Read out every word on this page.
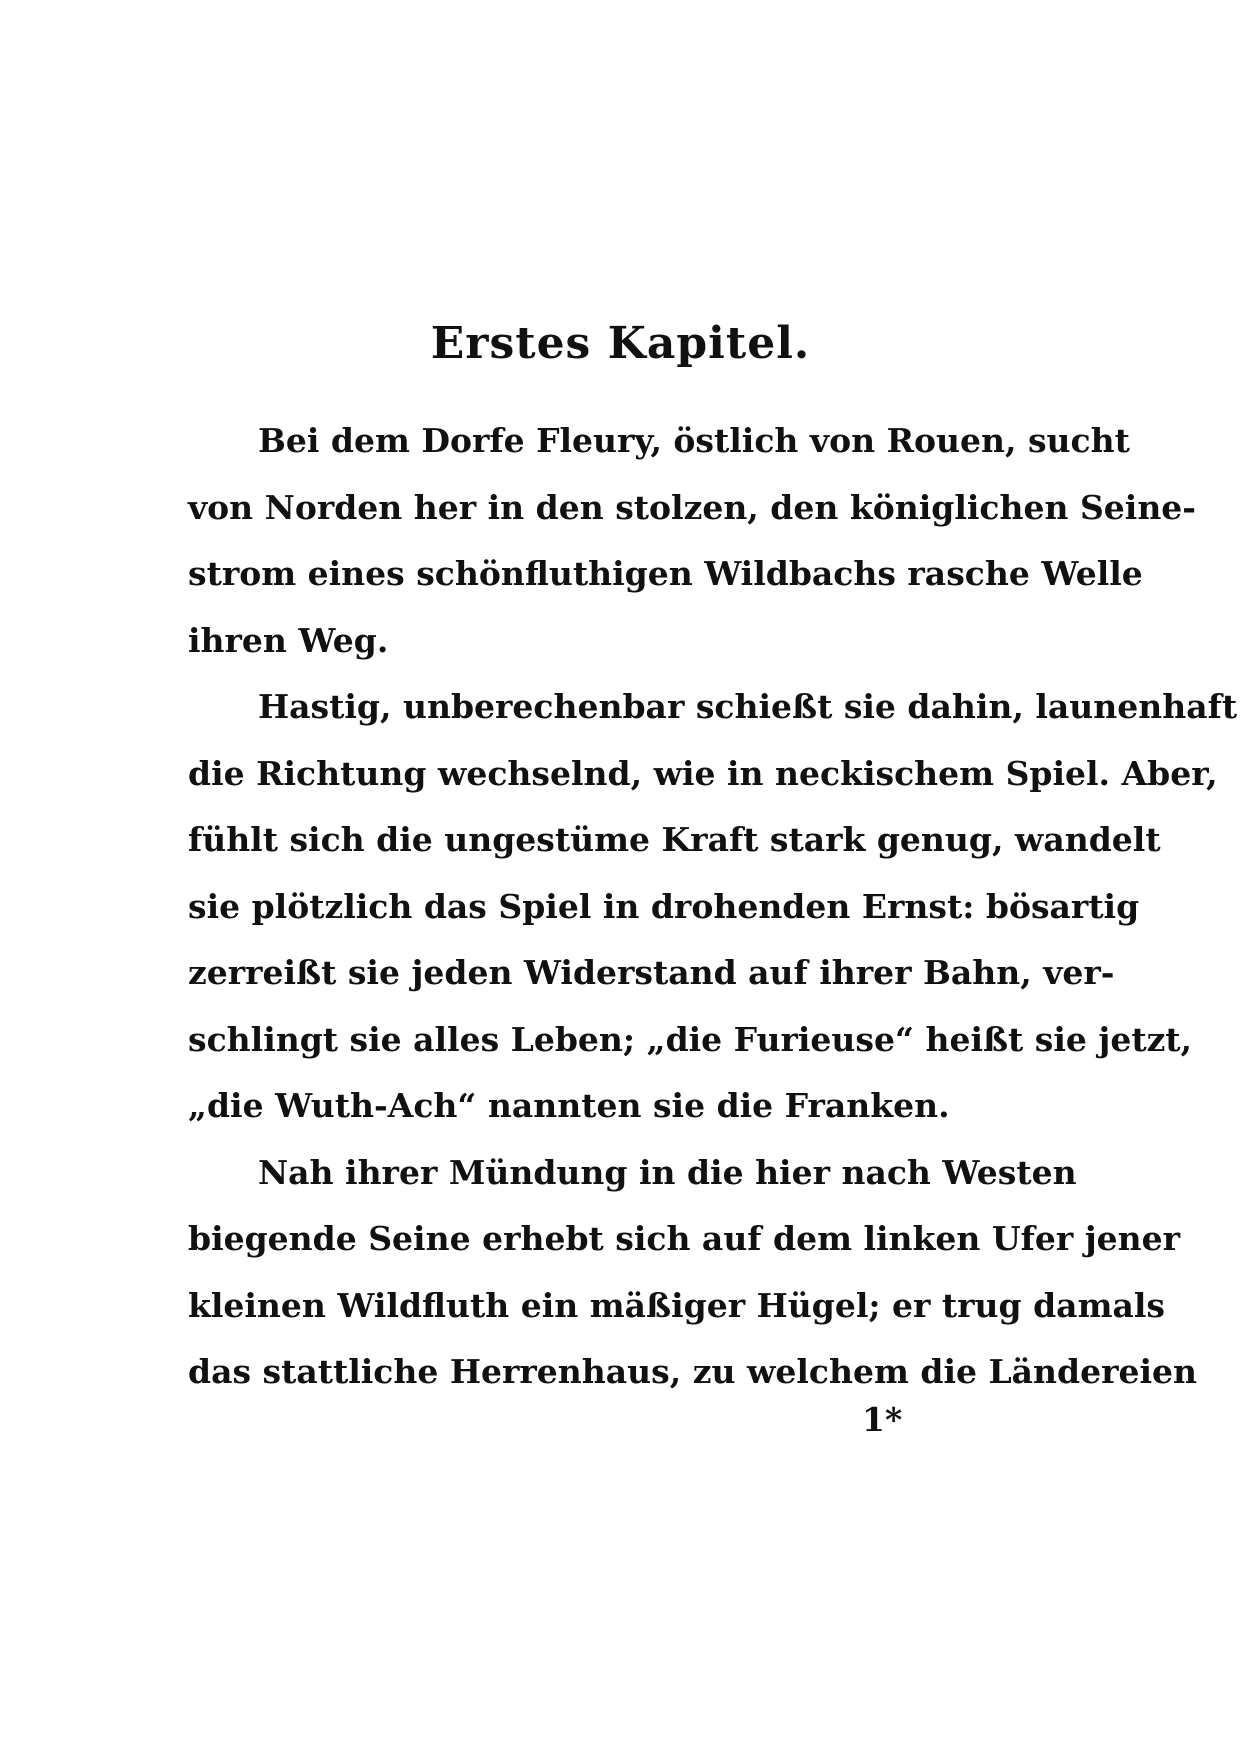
Erstes Kapitel.
Bei dem Dorfe Fleury, östlich von Rouen, sucht
von Norden her in den stolzen, den königlichen Seine-
strom eines schönfluthigen Wildbachs rasche Welle
ihren Weg.
Hastig, unberechenbar schießt sie dahin, launenhaft
die Richtung wechselnd, wie in neckischem Spiel. Aber,
fühlt sich die ungestüme Kraft stark genug, wandelt
sie plötzlich das Spiel in drohenden Ernst: bösartig
zerreißt sie jeden Widerstand auf ihrer Bahn, ver-
schlingt sie alles Leben; „die Furieuse“ heißt sie jetzt,
„die Wuth-Ach“ nannten sie die Franken.
Nah ihrer Mündung in die hier nach Westen
biegende Seine erhebt sich auf dem linken Ufer jener
kleinen Wildfluth ein mäßiger Hügel; er trug damals
das stattliche Herrenhaus, zu welchem die Ländereien
1*
